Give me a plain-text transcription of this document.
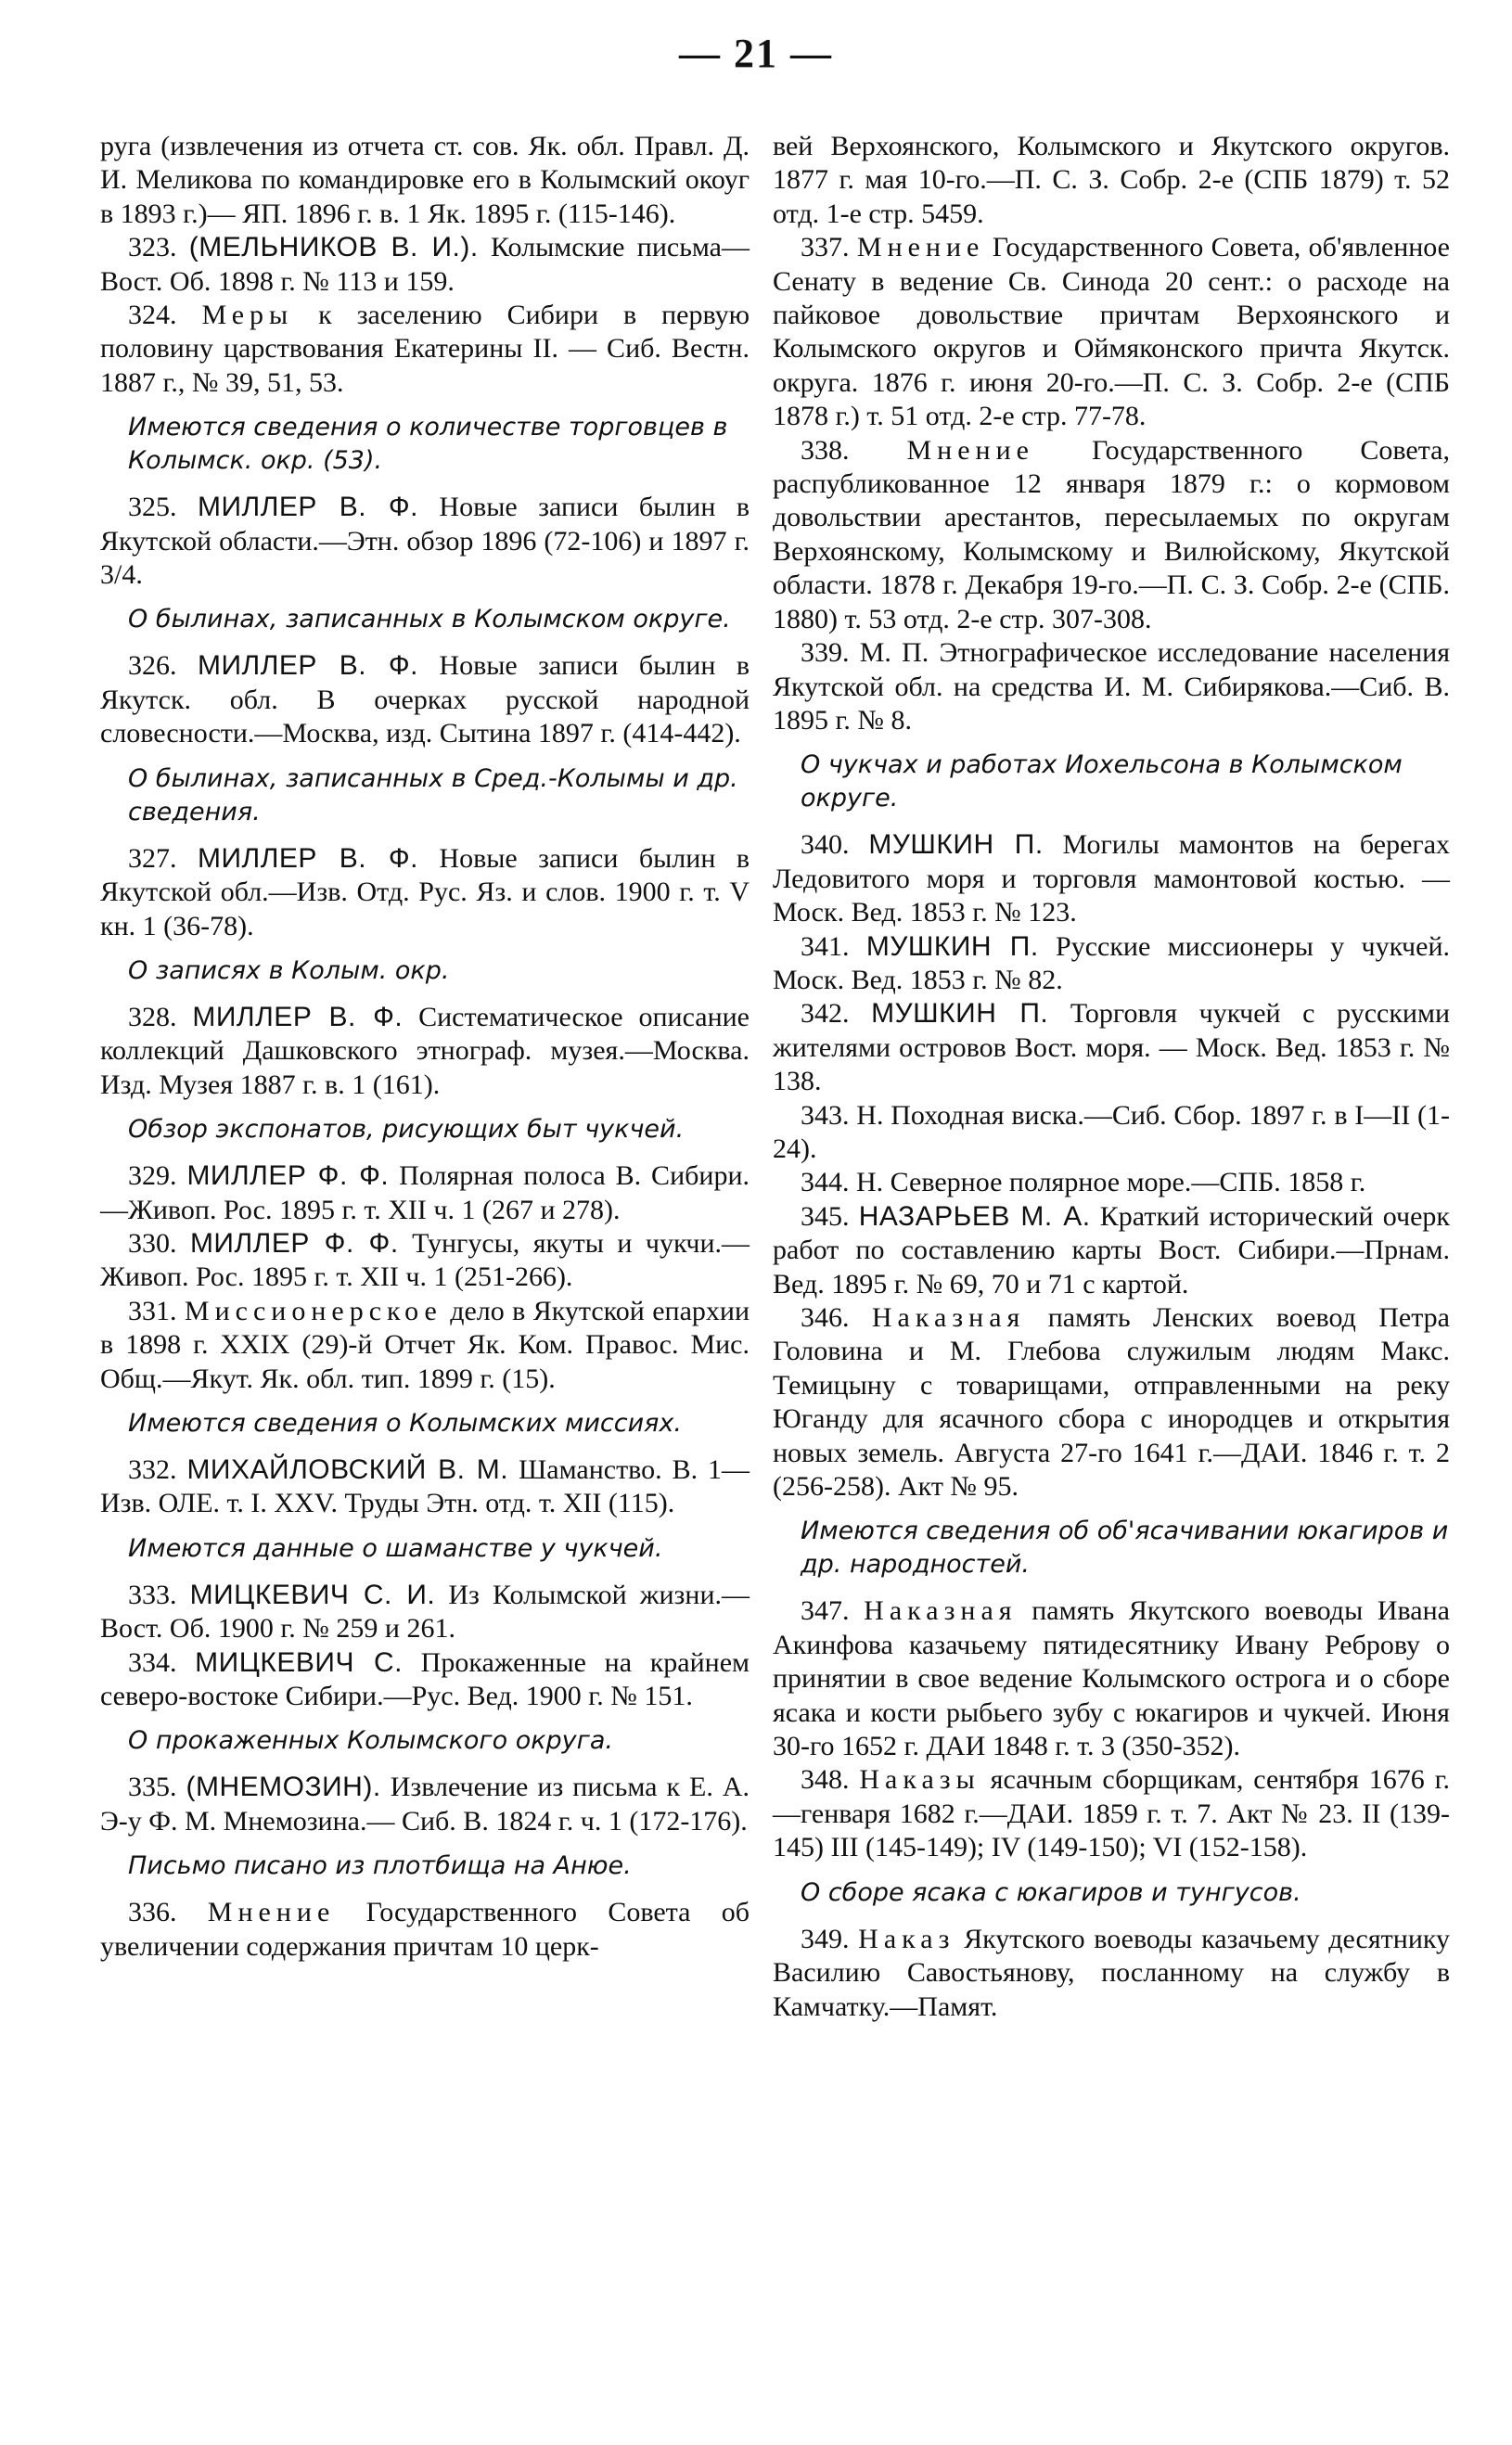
— 21 —

руга (извлечения из отчета ст. сов. Як. обл. Правл. Д. И. Меликова по командировке его в Колымский окоуг в 1893 г.)— ЯП. 1896 г. в. 1 Як. 1895 г. (115-146).

323. (МЕЛЬНИКОВ В. И.). Колымские письма—Вост. Об. 1898 г. № 113 и 159.

324. Меры к заселению Сибири в первую половину царствования Екатерины II. — Сиб. Вестн. 1887 г., № 39, 51, 53.

Имеются сведения о количестве торговцев в Колымск. окр. (53).

325. МИЛЛЕР В. Ф. Новые записи былин в Якутской области.—Этн. обзор 1896 (72-106) и 1897 г. 3/4.

О былинах, записанных в Колымском округе.

326. МИЛЛЕР В. Ф. Новые записи былин в Якутск. обл. В очерках русской народной словесности.—Москва, изд. Сытина 1897 г. (414-442).

О былинах, записанных в Сред.-Колымы и др. сведения.

327. МИЛЛЕР В. Ф. Новые записи былин в Якутской обл.—Изв. Отд. Рус. Яз. и слов. 1900 г. т. V кн. 1 (36-78).

О записях в Колым. окр.

328. МИЛЛЕР В. Ф. Систематическое описание коллекций Дашковского этнограф. музея.—Москва. Изд. Музея 1887 г. в. 1 (161).

Обзор экспонатов, рисующих быт чукчей.

329. МИЛЛЕР Ф. Ф. Полярная полоса В. Сибири.—Живоп. Рос. 1895 г. т. XII ч. 1 (267 и 278).

330. МИЛЛЕР Ф. Ф. Тунгусы, якуты и чукчи.—Живоп. Рос. 1895 г. т. XII ч. 1 (251-266).

331. Миссионерское дело в Якутской епархии в 1898 г. XXIX (29)-й Отчет Як. Ком. Правос. Мис. Общ.—Якут. Як. обл. тип. 1899 г. (15).

Имеются сведения о Колымских миссиях.

332. МИХАЙЛОВСКИЙ В. М. Шаманство. В. 1—Изв. ОЛЕ. т. I. XXV. Труды Этн. отд. т. XII (115).

Имеются данные о шаманстве у чукчей.

333. МИЦКЕВИЧ С. И. Из Колымской жизни.—Вост. Об. 1900 г. № 259 и 261.

334. МИЦКЕВИЧ С. Прокаженные на крайнем северо-востоке Сибири.—Рус. Вед. 1900 г. № 151.

О прокаженных Колымского округа.

335. (МНЕМОЗИН). Извлечение из письма к Е. А. Э-у Ф. М. Мнемозина.— Сиб. В. 1824 г. ч. 1 (172-176).

Письмо писано из плотбища на Анюе.

336. Мнение Государственного Совета об увеличении содержания причтам 10 церк-

вей Верхоянского, Колымского и Якутского округов. 1877 г. мая 10-го.—П. С. З. Собр. 2-е (СПБ 1879) т. 52 отд. 1-е стр. 5459.

337. Мнение Государственного Совета, об'явленное Сенату в ведение Св. Синода 20 сент.: о расходе на пайковое довольствие причтам Верхоянского и Колымского округов и Оймяконского причта Якутск. округа. 1876 г. июня 20-го.—П. С. З. Собр. 2-е (СПБ 1878 г.) т. 51 отд. 2-е стр. 77-78.

338. Мнение Государственного Совета, распубликованное 12 января 1879 г.: о кормовом довольствии арестантов, пересылаемых по округам Верхоянскому, Колымскому и Вилюйскому, Якутской области. 1878 г. Декабря 19-го.—П. С. З. Собр. 2-е (СПБ. 1880) т. 53 отд. 2-е стр. 307-308.

339. М. П. Этнографическое исследование населения Якутской обл. на средства И. М. Сибирякова.—Сиб. В. 1895 г. № 8.

О чукчах и работах Иохельсона в Колымском округе.

340. МУШКИН П. Могилы мамонтов на берегах Ледовитого моря и торговля мамонтовой костью. — Моск. Вед. 1853 г. № 123.

341. МУШКИН П. Русские миссионеры у чукчей. Моск. Вед. 1853 г. № 82.

342. МУШКИН П. Торговля чукчей с русскими жителями островов Вост. моря. — Моск. Вед. 1853 г. № 138.

343. Н. Походная виска.—Сиб. Сбор. 1897 г. в I—II (1-24).

344. Н. Северное полярное море.—СПБ. 1858 г.

345. НАЗАРЬЕВ М. А. Краткий исторический очерк работ по составлению карты Вост. Сибири.—Прнам. Вед. 1895 г. № 69, 70 и 71 с картой.

346. Наказная память Ленских воевод Петра Головина и М. Глебова служилым людям Макс. Темицыну с товарищами, отправленными на реку Юганду для ясачного сбора с инородцев и открытия новых земель. Августа 27-го 1641 г.—ДАИ. 1846 г. т. 2 (256-258). Акт № 95.

Имеются сведения об об'ясачивании юкагиров и др. народностей.

347. Наказная память Якутского воеводы Ивана Акинфова казачьему пятидесятнику Ивану Реброву о принятии в свое ведение Колымского острога и о сборе ясака и кости рыбьего зубу с юкагиров и чукчей. Июня 30-го 1652 г. ДАИ 1848 г. т. 3 (350-352).

348. Наказы ясачным сборщикам, сентября 1676 г.—генваря 1682 г.—ДАИ. 1859 г. т. 7. Акт № 23. II (139-145) III (145-149); IV (149-150); VI (152-158).

О сборе ясака с юкагиров и тунгусов.

349. Наказ Якутского воеводы казачьему десятнику Василию Савостьянову, посланному на службу в Камчатку.—Памят.
